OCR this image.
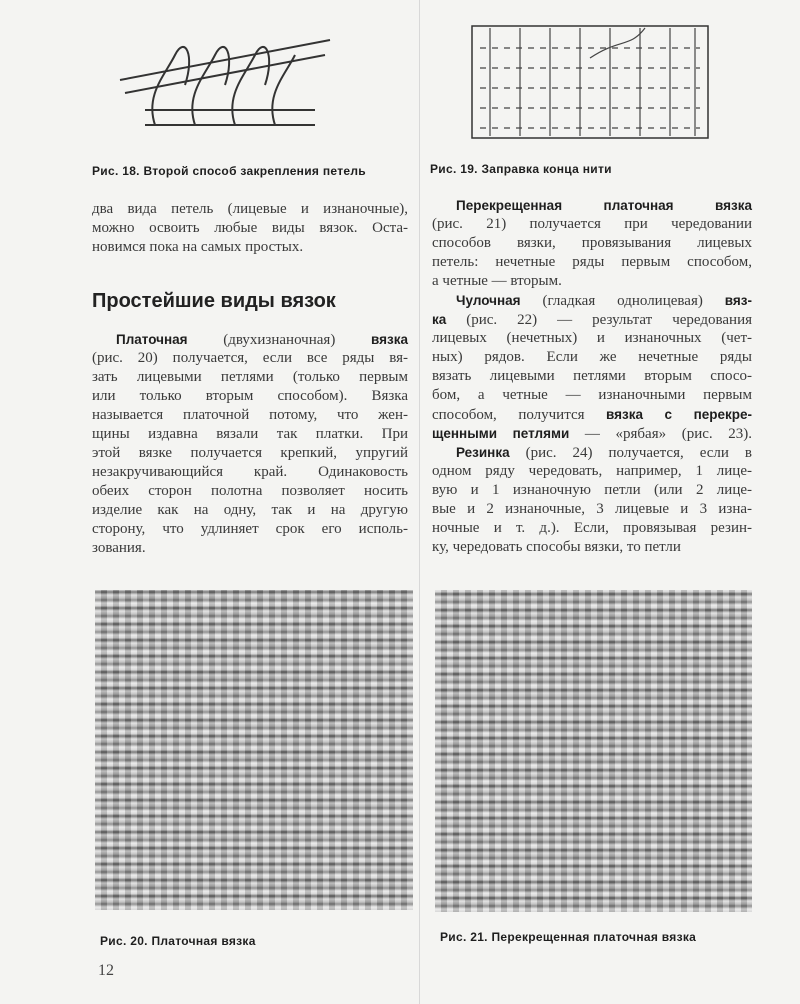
Рис. 18. Второй способ закрепления петель	Рис. 19. Заправка конца нити
два вида петель (лицевые и изнаночные),
можно освоить любые виды вязок. Оста-
новимся пока на самых простых.
Простейшие виды вязок
Платочная (двухизнаночная) вязка
(рис. 20) получается, если все ряды вя-
зать лицевыми петлями (только первым
или только вторым способом). Вязка
называется платочной потому, что жен-
щины издавна вязали так платки. При
этой вязке получается крепкий, упругий
незакручивающийся край. Одинаковость
обеих сторон полотна позволяет носить
изделие как на одну, так и на другую
сторону, что удлиняет срок его исполь-
зования.
Перекрещенная платочная вязка
(рис. 21) получается при чередовании
способов вязки, провязывания лицевых
петель: нечетные ряды первым способом,
а четные — вторым.
Чулочная (гладкая однолицевая) вяз-
ка (рис. 22) — результат чередования
лицевых (нечетных) и изнаночных (чет-
ных) рядов. Если же нечетные ряды
вязать лицевыми петлями вторым спосо-
бом, а четные — изнаночными первым
способом, получится вязка с перекре-
щенными петлями — «рябая» (рис. 23).
Резинка (рис. 24) получается, если в
одном ряду чередовать, например, 1 лице-
вую и 1 изнаночную петли (или 2 лице-
вые и 2 изнаночные, 3 лицевые и 3 изна-
ночные и т. д.). Если, провязывая резин-
ку, чередовать способы вязки, то петли
Рис. 20. Платочная вязка	Рис. 21. Перекрещенная платочная вязка
12
